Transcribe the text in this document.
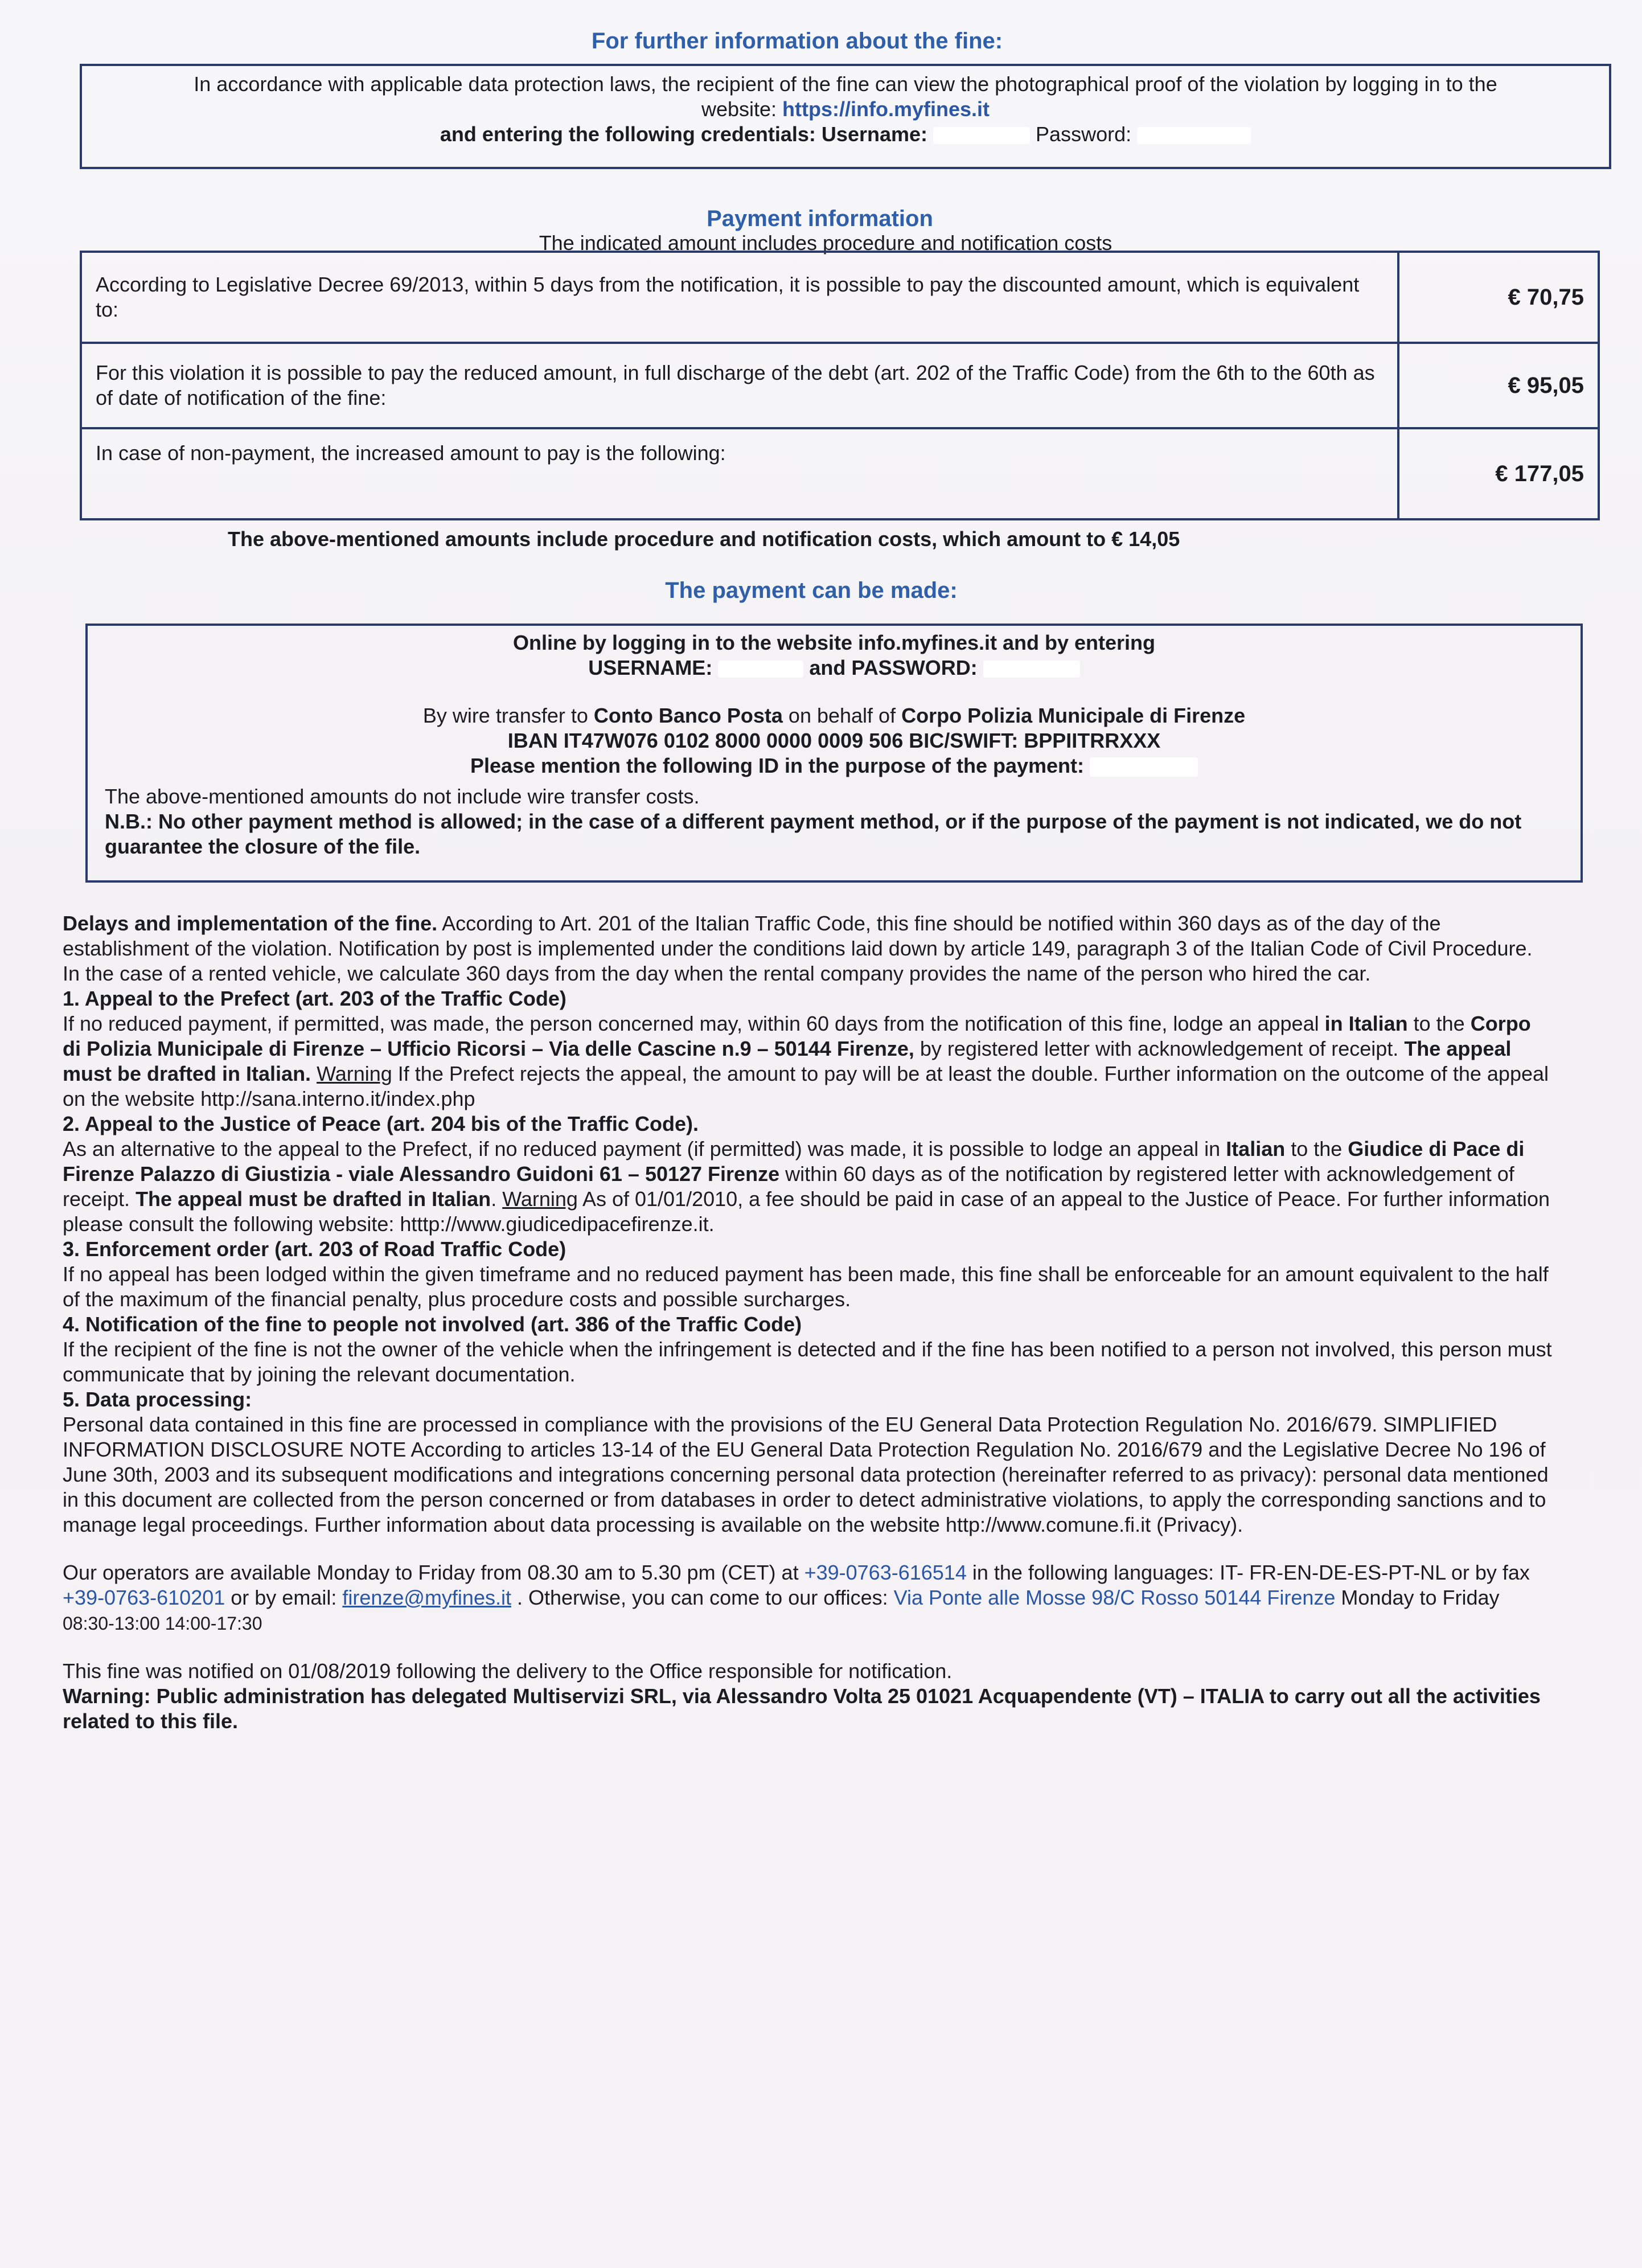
For further information about the fine:
In accordance with applicable data protection laws, the recipient of the fine can view the photographical proof of the violation by logging in to the
website: https://info.myfines.it
and entering the following credentials: Username:	Password:
Payment information
The indicated amount includes procedure and notification costs
According to Legislative Decree 69/2013, within 5 days from the notification, it is possible to pay the discounted amount, which is equivalent to:	€ 70,75
For this violation it is possible to pay the reduced amount, in full discharge of the debt (art. 202 of the Traffic Code) from the 6th to the 60th as of date of notification of the fine:	€ 95,05
In case of non-payment, the increased amount to pay is the following:	€ 177,05
The above-mentioned amounts include procedure and notification costs, which amount to € 14,05
The payment can be made:
Online by logging in to the website info.myfines.it and by entering
USERNAME:	and PASSWORD:
By wire transfer to Conto Banco Posta on behalf of Corpo Polizia Municipale di Firenze
IBAN IT47W076 0102 8000 0000 0009 506 BIC/SWIFT: BPPIITRRXXX
Please mention the following ID in the purpose of the payment:
The above-mentioned amounts do not include wire transfer costs.
N.B.: No other payment method is allowed; in the case of a different payment method, or if the purpose of the payment is not indicated, we do not guarantee the closure of the file.

Delays and implementation of the fine. According to Art. 201 of the Italian Traffic Code, this fine should be notified within 360 days as of the day of the establishment of the violation. Notification by post is implemented under the conditions laid down by article 149, paragraph 3 of the Italian Code of Civil Procedure. In the case of a rented vehicle, we calculate 360 days from the day when the rental company provides the name of the person who hired the car.

1. Appeal to the Prefect (art. 203 of the Traffic Code)

If no reduced payment, if permitted, was made, the person concerned may, within 60 days from the notification of this fine, lodge an appeal in Italian to the Corpo di Polizia Municipale di Firenze – Ufficio Ricorsi – Via delle Cascine n.9 – 50144 Firenze, by registered letter with acknowledgement of receipt. The appeal must be drafted in Italian. Warning If the Prefect rejects the appeal, the amount to pay will be at least the double. Further information on the outcome of the appeal on the website http://sana.interno.it/index.php

2. Appeal to the Justice of Peace (art. 204 bis of the Traffic Code).

As an alternative to the appeal to the Prefect, if no reduced payment (if permitted) was made, it is possible to lodge an appeal in Italian to the Giudice di Pace di Firenze Palazzo di Giustizia - viale Alessandro Guidoni 61 – 50127 Firenze within 60 days as of the notification by registered letter with acknowledgement of receipt. The appeal must be drafted in Italian. Warning As of 01/01/2010, a fee should be paid in case of an appeal to the Justice of Peace. For further information please consult the following website: htttp://www.giudicedipacefirenze.it.

3. Enforcement order (art. 203 of Road Traffic Code)

If no appeal has been lodged within the given timeframe and no reduced payment has been made, this fine shall be enforceable for an amount equivalent to the half of the maximum of the financial penalty, plus procedure costs and possible surcharges.

4. Notification of the fine to people not involved (art. 386 of the Traffic Code)

If the recipient of the fine is not the owner of the vehicle when the infringement is detected and if the fine has been notified to a person not involved, this person must communicate that by joining the relevant documentation.

5. Data processing:

Personal data contained in this fine are processed in compliance with the provisions of the EU General Data Protection Regulation No. 2016/679. SIMPLIFIED INFORMATION DISCLOSURE NOTE According to articles 13-14 of the EU General Data Protection Regulation No. 2016/679 and the Legislative Decree No 196 of June 30th, 2003 and its subsequent modifications and integrations concerning personal data protection (hereinafter referred to as privacy): personal data mentioned in this document are collected from the person concerned or from databases in order to detect administrative violations, to apply the corresponding sanctions and to manage legal proceedings. Further information about data processing is available on the website http://www.comune.fi.it (Privacy).

Our operators are available Monday to Friday from 08.30 am to 5.30 pm (CET) at +39-0763-616514 in the following languages: IT- FR-EN-DE-ES-PT-NL or by fax +39-0763-610201 or by email: firenze@myfines.it . Otherwise, you can come to our offices: Via Ponte alle Mosse 98/C Rosso 50144 Firenze Monday to Friday 08:30-13:00 14:00-17:30

This fine was notified on 01/08/2019 following the delivery to the Office responsible for notification.

Warning: Public administration has delegated Multiservizi SRL, via Alessandro Volta 25 01021 Acquapendente (VT) – ITALIA to carry out all the activities related to this file.
